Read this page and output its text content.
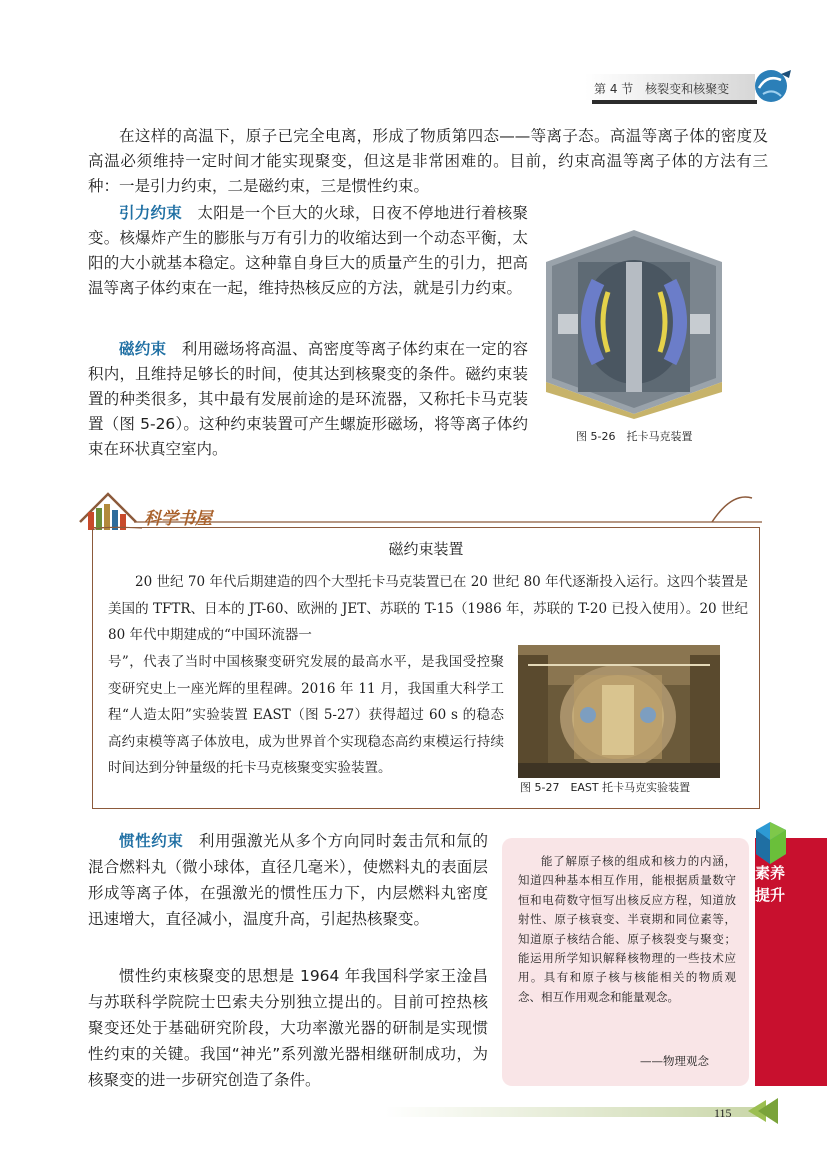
第 4 节 核裂变和核聚变

在这样的高温下，原子已完全电离，形成了物质第四态——等离子态。高温等离子体的密度及高温必须维持一定时间才能实现聚变，但这是非常困难的。目前，约束高温等离子体的方法有三种：一是引力约束，二是磁约束，三是惯性约束。

引力约束 太阳是一个巨大的火球，日夜不停地进行着核聚变。核爆炸产生的膨胀与万有引力的收缩达到一个动态平衡，太阳的大小就基本稳定。这种靠自身巨大的质量产生的引力，把高温等离子体约束在一起，维持热核反应的方法，就是引力约束。

图 5-26　托卡马克装置

磁约束 利用磁场将高温、高密度等离子体约束在一定的容积内，且维持足够长的时间，使其达到核聚变的条件。磁约束装置的种类很多，其中最有发展前途的是环流器，又称托卡马克装置（图 5-26）。这种约束装置可产生螺旋形磁场，将等离子体约束在环状真空室内。

科学书屋
磁约束装置

20 世纪 70 年代后期建造的四个大型托卡马克装置已在 20 世纪 80 年代逐渐投入运行。这四个装置是美国的 TFTR、日本的 JT-60、欧洲的 JET、苏联的 T-15（1986 年，苏联的 T-20 已投入使用）。20 世纪 80 年代中期建成的“中国环流器一

号”，代表了当时中国核聚变研究发展的最高水平，是我国受控聚变研究史上一座光辉的里程碑。2016 年 11 月，我国重大科学工程“人造太阳”实验装置 EAST（图 5-27）获得超过 60 s 的稳态高约束模等离子体放电，成为世界首个实现稳态高约束模运行持续时间达到分钟量级的托卡马克核聚变实验装置。

图 5-27　EAST 托卡马克实验装置

惯性约束 利用强激光从多个方向同时轰击氘和氚的混合燃料丸（微小球体，直径几毫米），使燃料丸的表面层形成等离子体，在强激光的惯性压力下，内层燃料丸密度迅速增大，直径减小，温度升高，引起热核聚变。

惯性约束核聚变的思想是 1964 年我国科学家王淦昌与苏联科学院院士巴索夫分别独立提出的。目前可控热核聚变还处于基础研究阶段，大功率激光器的研制是实现惯性约束的关键。我国“神光”系列激光器相继研制成功，为核聚变的进一步研究创造了条件。

能了解原子核的组成和核力的内涵，知道四种基本相互作用，能根据质量数守恒和电荷数守恒写出核反应方程，知道放射性、原子核衰变、半衰期和同位素等，知道原子核结合能、原子核裂变与聚变；能运用所学知识解释核物理的一些技术应用。具有和原子核与核能相关的物质观念、相互作用观念和能量观念。

——物理观念
素养提升
115
